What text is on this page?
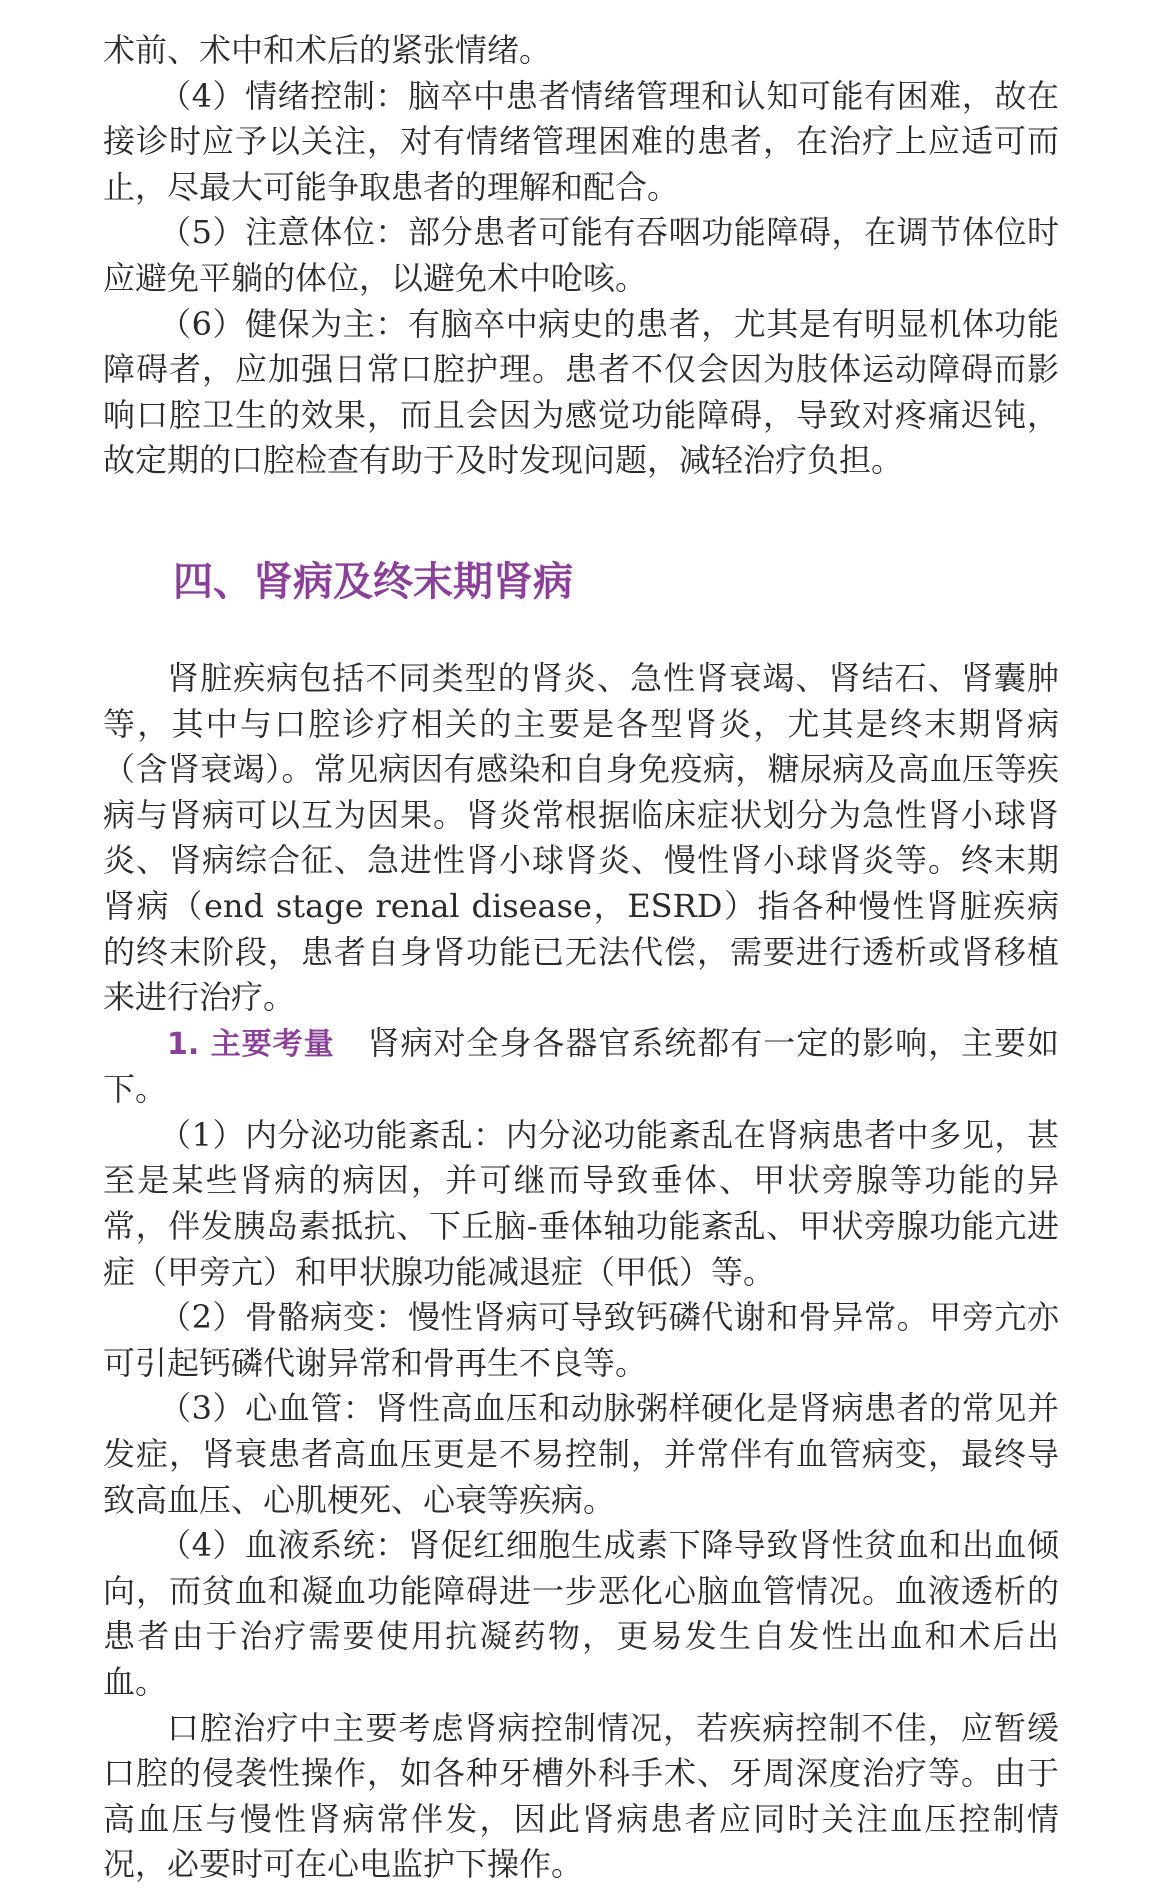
术前、术中和术后的紧张情绪。

（4）情绪控制：脑卒中患者情绪管理和认知可能有困难，故在接诊时应予以关注，对有情绪管理困难的患者，在治疗上应适可而止，尽最大可能争取患者的理解和配合。

（5）注意体位：部分患者可能有吞咽功能障碍，在调节体位时应避免平躺的体位，以避免术中呛咳。

（6）健保为主：有脑卒中病史的患者，尤其是有明显机体功能障碍者，应加强日常口腔护理。患者不仅会因为肢体运动障碍而影响口腔卫生的效果，而且会因为感觉功能障碍，导致对疼痛迟钝，故定期的口腔检查有助于及时发现问题，减轻治疗负担。

四、肾病及终末期肾病

肾脏疾病包括不同类型的肾炎、急性肾衰竭、肾结石、肾囊肿等，其中与口腔诊疗相关的主要是各型肾炎，尤其是终末期肾病（含肾衰竭）。常见病因有感染和自身免疫病，糖尿病及高血压等疾病与肾病可以互为因果。肾炎常根据临床症状划分为急性肾小球肾炎、肾病综合征、急进性肾小球肾炎、慢性肾小球肾炎等。终末期肾病（end stage renal disease，ESRD）指各种慢性肾脏疾病的终末阶段，患者自身肾功能已无法代偿，需要进行透析或肾移植来进行治疗。

1. 主要考量　 肾病对全身各器官系统都有一定的影响，主要如下。

（1）内分泌功能紊乱：内分泌功能紊乱在肾病患者中多见，甚至是某些肾病的病因，并可继而导致垂体、甲状旁腺等功能的异常，伴发胰岛素抵抗、下丘脑-垂体轴功能紊乱、甲状旁腺功能亢进症（甲旁亢）和甲状腺功能减退症（甲低）等。

（2）骨骼病变：慢性肾病可导致钙磷代谢和骨异常。甲旁亢亦可引起钙磷代谢异常和骨再生不良等。

（3）心血管：肾性高血压和动脉粥样硬化是肾病患者的常见并发症，肾衰患者高血压更是不易控制，并常伴有血管病变，最终导致高血压、心肌梗死、心衰等疾病。

（4）血液系统：肾促红细胞生成素下降导致肾性贫血和出血倾向，而贫血和凝血功能障碍进一步恶化心脑血管情况。血液透析的患者由于治疗需要使用抗凝药物，更易发生自发性出血和术后出血。

口腔治疗中主要考虑肾病控制情况，若疾病控制不佳，应暂缓口腔的侵袭性操作，如各种牙槽外科手术、牙周深度治疗等。由于高血压与慢性肾病常伴发，因此肾病患者应同时关注血压控制情况，必要时可在心电监护下操作。
